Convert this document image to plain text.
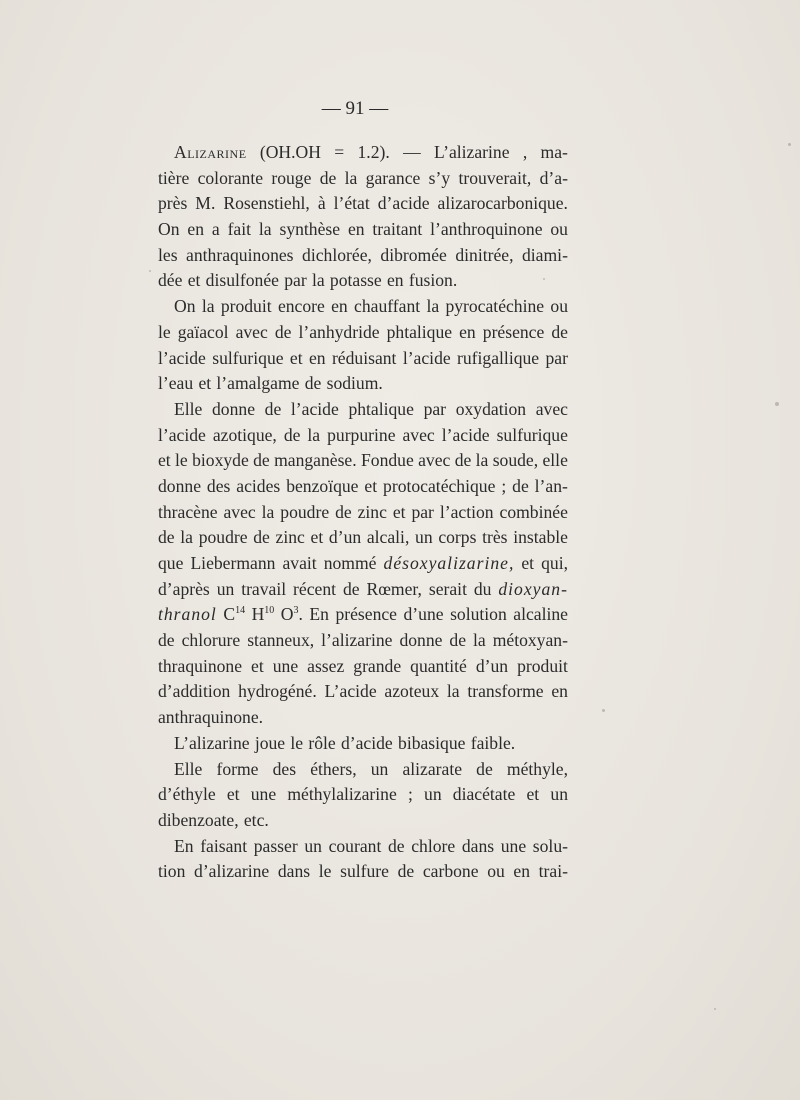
— 91 —
Alizarine (OH.OH = 1.2). — L’alizarine , ma-
tière colorante rouge de la garance s’y trouverait, d’a-
près M. Rosenstiehl, à l’état d’acide alizarocarbonique.
On en a fait la synthèse en traitant l’anthroquinone ou
les anthraquinones dichlorée, dibromée dinitrée, diami-
dée et disulfonée par la potasse en fusion.
On la produit encore en chauffant la pyrocatéchine ou
le gaïacol avec de l’anhydride phtalique en présence de
l’acide sulfurique et en réduisant l’acide rufigallique par
l’eau et l’amalgame de sodium.
Elle donne de l’acide phtalique par oxydation avec
l’acide azotique, de la purpurine avec l’acide sulfurique
et le bioxyde de manganèse. Fondue avec de la soude, elle
donne des acides benzoïque et protocatéchique ; de l’an-
thracène avec la poudre de zinc et par l’action combinée
de la poudre de zinc et d’un alcali, un corps très instable
que Liebermann avait nommé désoxyalizarine, et qui,
d’après un travail récent de Rœmer, serait du dioxyan-
thranol $C^{14}$ $H^{10}$ $O^3$. En présence d’une solution alcaline
de chlorure stanneux, l’alizarine donne de la métoxyan-
thraquinone et une assez grande quantité d’un produit
d’addition hydrogéné. L’acide azoteux la transforme en
anthraquinone.
L’alizarine joue le rôle d’acide bibasique faible.
Elle forme des éthers, un alizarate de méthyle,
d’éthyle et une méthylalizarine ; un diacétate et un
dibenzoate, etc.
En faisant passer un courant de chlore dans une solu-
tion d’alizarine dans le sulfure de carbone ou en trai-
